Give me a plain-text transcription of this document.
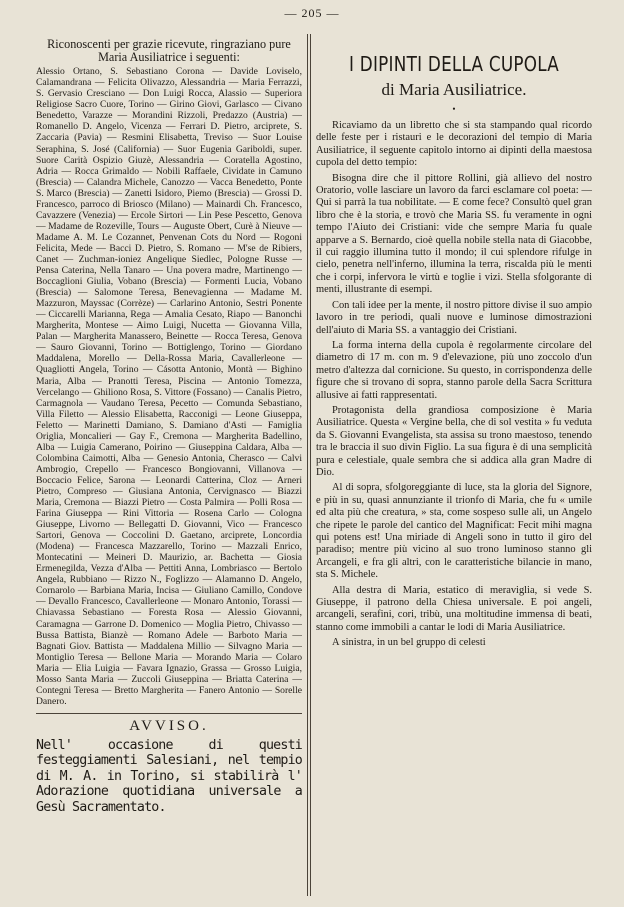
— 205 —
Riconoscenti per grazie ricevute, ringraziano pure Maria Ausiliatrice i seguenti:

Alessio Ortano, S. Sebastiano Corona — Davide Loviselo, Calamandrana — Felicita Olivazzo, Alessandria — Maria Ferrazzi, S. Gervasio Cresciano — Don Luigi Rocca, Alassio — Superiora Religiose Sacro Cuore, Torino — Girino Giovi, Garlasco — Civano Benedetto, Varazze — Morandini Rizzoli, Predazzo (Austria) — Romanello D. Angelo, Vicenza — Ferrari D. Pietro, arciprete, S. Zaccaria (Pavia) — Resmini Elisabetta, Treviso — Suor Louise Seraphina, S. José (California) — Suor Eugenia Gariboldi, super. Suore Carità Ospizio Giuzè, Alessandria — Coratella Agostino, Adria — Rocca Grimaldo — Nobili Raffaele, Cividate in Camuno (Brescia) — Calandra Michele, Canozzo — Vacca Benedetto, Ponte S. Marco (Brescia) — Zanetti Isidoro, Piemo (Brescia) — Grossi D. Francesco, parroco di Briosco (Milano) — Mainardi Ch. Francesco, Cavazzere (Venezia) — Ercole Sirtori — Lin Pese Pescetto, Genova — Madame de Rozeville, Tours — Auguste Obert, Curè à Nieuve — Madame A. M. Le Cozannet, Penvenan Cots du Nord — Rogoni Felicita, Mede — Bacci D. Pietro, S. Romano — M'se de Ribiers, Canet — Zuchman-ioniez Angelique Siedlec, Pologne Russe — Pensa Caterina, Nella Tanaro — Una povera madre, Martinengo — Boccaglioni Giulia, Vobano (Brescia) — Formenti Lucia, Vobano (Brescia) — Salomone Teresa, Benevagienna — Madame M. Mazzuron, Mayssac (Corrèze) — Carlarino Antonio, Sestri Ponente — Ciccarelli Marianna, Rega — Amalia Cesato, Riapo — Banonchi Margherita, Montese — Aimo Luigi, Nucetta — Giovanna Villa, Palan — Margherita Manassero, Beinette — Rocca Teresa, Genova — Sauro Giovanni, Torino — Bottiglengo, Torino — Giordano Maddalena, Morello — Della-Rossa Maria, Cavallerleone — Quagliotti Angela, Torino — Cásotta Antonio, Montà — Bighino Maria, Alba — Pranotti Teresa, Piscina — Antonio Tomezza, Vercelango — Ghiliono Rosa, S. Vittore (Fossano) — Canalis Pietro, Carmagnola — Vaudano Teresa, Pecetto — Comunda Sebastiano, Villa Filetto — Alessio Elisabetta, Racconigi — Leone Giuseppa, Feletto — Marinetti Damiano, S. Damiano d'Asti — Famiglia Origlia, Moncalieri — Gay F., Cremona — Margherita Badellino, Alba — Luigia Camerano, Poirino — Giuseppina Caldara, Alba — Colombina Caimotti, Alba — Genesio Antonia, Cherasco — Calvi Ambrogio, Crepello — Francesco Bongiovanni, Villanova — Boccacio Felice, Sarona — Leonardi Catterina, Cloz — Arneri Pietro, Compreso — Giusiana Antonia, Cervignasco — Biazzi Maria, Cremona — Biazzi Pietro — Costa Palmira — Polli Rosa — Farina Giuseppa — Rini Vittoria — Rosena Carlo — Cologna Giuseppe, Livorno — Bellegatti D. Giovanni, Vico — Francesco Sartori, Genova — Coccolini D. Gaetano, arciprete, Loncordia (Modena) — Francesca Mazzarello, Torino — Mazzali Enrico, Montecatini — Meineri D. Maurizio, ar. Bachetta — Giosia Ermenegilda, Vezza d'Alba — Pettiti Anna, Lombriasco — Bertolo Angela, Rubbiano — Rizzo N., Foglizzo — Alamanno D. Angelo, Cornarolo — Barbiana Maria, Incisa — Giuliano Camillo, Condove — Devallo Francesco, Cavallerleone — Monaro Antonio, Torassi — Chiavassa Sebastiano — Foresta Rosa — Alessio Giovanni, Caramagna — Garrone D. Domenico — Moglia Pietro, Chivasso — Bussa Battista, Bianzè — Romano Adele — Barboto Maria — Bagnati Giov. Battista — Maddalena Millio — Silvagno Maria — Montiglio Teresa — Bellone Maria — Morando Maria — Colaro Maria — Elia Luigia — Favara Ignazio, Grassa — Grosso Luigia, Mosso Santa Maria — Zuccoli Giuseppina — Briatta Caterina — Contegni Teresa — Bretto Margherita — Fanero Antonio — Sorelle Danero.

AVVISO.

Nell' occasione di questi festeggiamenti Salesiani, nel tempio di M. A. in Torino, si stabilirà l' Adorazione quotidiana universale a Gesù Sacramentato.

I DIPINTI DELLA CUPOLA
di Maria Ausiliatrice.
•

Ricaviamo da un libretto che si sta stampando qual ricordo delle feste per i ristauri e le decorazioni del tempio di Maria Ausiliatrice, il seguente capitolo intorno ai dipinti della maestosa cupola del detto tempio:

Bisogna dire che il pittore Rollini, già allievo del nostro Oratorio, volle lasciare un lavoro da farci esclamare col poeta: — Qui si parrà la tua nobilitate. — E come fece? Consultò quel gran libro che è la storia, e trovò che Maria SS. fu veramente in ogni tempo l'Aiuto dei Cristiani: vide che sempre Maria fu quale apparve a S. Bernardo, cioè quella nobile stella nata di Giacobbe, il cui raggio illumina tutto il mondo; il cui splendore rifulge in cielo, penetra nell'inferno, illumina la terra, riscalda più le menti che i corpi, infervora le virtù e toglie i vizi. Stella sfolgorante di menti, illustrante di esempi.

Con tali idee per la mente, il nostro pittore divise il suo ampio lavoro in tre periodi, quali nuove e luminose dimostrazioni dell'aiuto di Maria SS. a vantaggio dei Cristiani.

La forma interna della cupola è regolarmente circolare del diametro di 17 m. con m. 9 d'elevazione, più uno zoccolo d'un metro d'altezza dal cornicione. Su questo, in corrispondenza delle figure che si trovano di sopra, stanno parole della Sacra Scrittura allusive ai fatti rappresentati.

Protagonista della grandiosa composizione è Maria Ausiliatrice. Questa « Vergine bella, che di sol vestita » fu veduta da S. Giovanni Evangelista, sta assisa su trono maestoso, tenendo tra le braccia il suo divin Figlio. La sua figura è di una semplicità pura e celestiale, quale sembra che si addica alla gran Madre di Dio.

Al di sopra, sfolgoreggiante di luce, sta la gloria del Signore, e più in su, quasi annunziante il trionfo di Maria, che fu « umile ed alta più che creatura, » sta, come sospeso sulle ali, un Angelo che ripete le parole del cantico del Magnificat: Fecit mihi magna qui potens est! Una miriade di Angeli sono in tutto il giro del paradiso; mentre più vicino al suo trono luminoso stanno gli Arcangeli, e fra gli altri, con le caratteristiche bilancie in mano, sta S. Michele.

Alla destra di Maria, estatico di meraviglia, si vede S. Giuseppe, il patrono della Chiesa universale. E poi angeli, arcangeli, serafini, cori, tribù, una moltitudine immensa di beati, stanno come immobili a cantar le lodi di Maria Ausiliatrice.

A sinistra, in un bel gruppo di celesti
